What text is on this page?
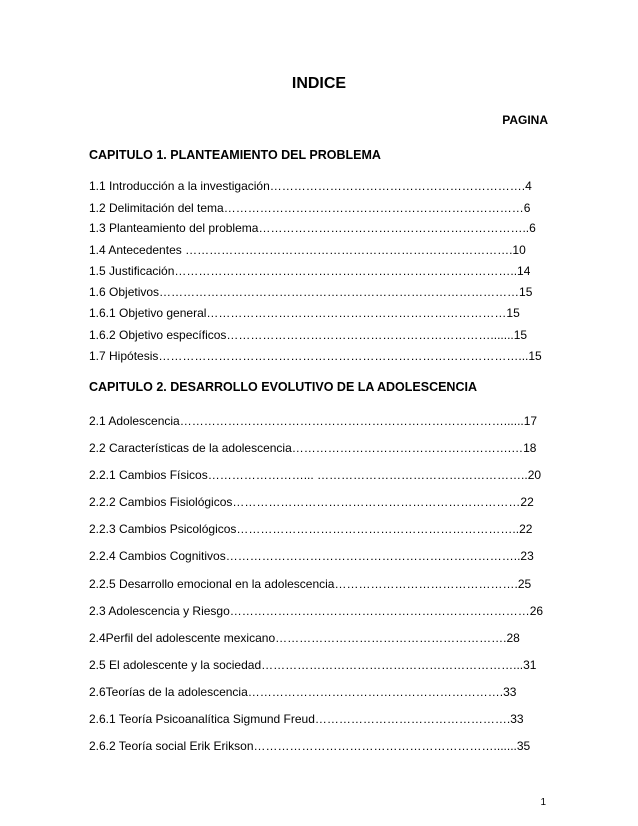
INDICE
PAGINA
CAPITULO 1. PLANTEAMIENTO DEL PROBLEMA
1.1 Introducción a la investigación……………………………………………………….4
1.2 Delimitación del tema…………………………………………………………………6
1.3 Planteamiento del problema…………………………………………………………..6
1.4 Antecedentes ……………………………………………………………………….10
1.5 Justificación…………………………………………………………………………..14
1.6 Objetivos………………………………………………………………………………15
1.6.1 Objetivo general…………………………………………………………………15
1.6.2 Objetivo específicos………………………………………………………….......15
1.7 Hipótesis………………………………………………………………………………...15
CAPITULO 2. DESARROLLO EVOLUTIVO DE LA ADOLESCENCIA
2.1 Adolescencia………………………………………………………………………......17
2.2 Características de la adolescencia……………………………………………….…18
2.2.1 Cambios Físicos……………………... ……………………………………………..20
2.2.2 Cambios Fisiológicos………………………………………………………………22
2.2.3 Cambios Psicológicos……………………………………………………………..22
2.2.4 Cambios Cognitivos………………………………………………………………..23
2.2.5 Desarrollo emocional en la adolescencia……………………………………….25
2.3 Adolescencia y Riesgo…………………………………………………………………26
2.4Perfil del adolescente mexicano………………………………………………….28
2.5 El adolescente y la sociedad………………………………………………………...31
2.6Teorías de la adolescencia……………………………………………………….33
2.6.1 Teoría Psicoanalítica Sigmund Freud………………………………………….33
2.6.2 Teoría social Erik Erikson…………………………………………………….......35
1
